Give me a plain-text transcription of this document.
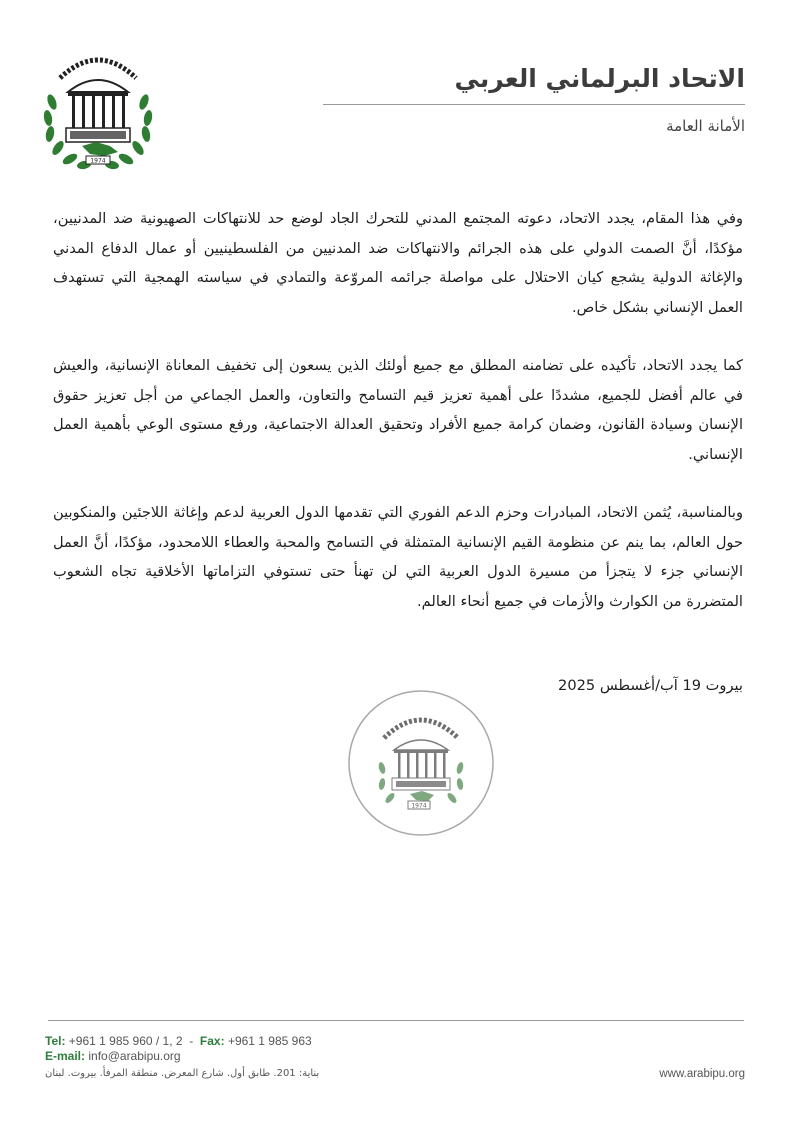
الاتحاد البرلماني العربي
الأمانة العامة
1974

وفي هذا المقام، يجدد الاتحاد، دعوته المجتمع المدني للتحرك الجاد لوضع حد للانتهاكات الصهيونية ضد المدنيين، مؤكدًا، أنَّ الصمت الدولي على هذه الجرائم والانتهاكات ضد المدنيين من الفلسطينيين أو عمال الدفاع المدني والإغاثة الدولية يشجع كيان الاحتلال على مواصلة جرائمه المروّعة والتمادي في سياسته الهمجية التي تستهدف العمل الإنساني بشكل خاص.

كما يجدد الاتحاد، تأكيده على تضامنه المطلق مع جميع أولئك الذين يسعون إلى تخفيف المعاناة الإنسانية، والعيش في عالم أفضل للجميع، مشددًا على أهمية تعزيز قيم التسامح والتعاون، والعمل الجماعي من أجل تعزيز حقوق الإنسان وسيادة القانون، وضمان كرامة جميع الأفراد وتحقيق العدالة الاجتماعية، ورفع مستوى الوعي بأهمية العمل الإنساني.

وبالمناسبة، يُثمن الاتحاد، المبادرات وحزم الدعم الفوري التي تقدمها الدول العربية لدعم وإغاثة اللاجئين والمنكوبين حول العالم، بما ينم عن منظومة القيم الإنسانية المتمثلة في التسامح والمحبة والعطاء اللامحدود، مؤكدًا، أنَّ العمل الإنساني جزء لا يتجزأ من مسيرة الدول العربية التي لن تهنأ حتى تستوفي التزاماتها الأخلاقية تجاه الشعوب المتضررة من الكوارث والأزمات في جميع أنحاء العالم.

بيروت 19 آب/أغسطس 2025
1974
Tel: +961 1 985 960 / 1, 2  -  Fax: +961 1 985 963
E-mail: info@arabipu.org
بناية: 201. طابق أول. شارع المعرض. منطقة المرفأ. بيروت. لبنان	www.arabipu.org
